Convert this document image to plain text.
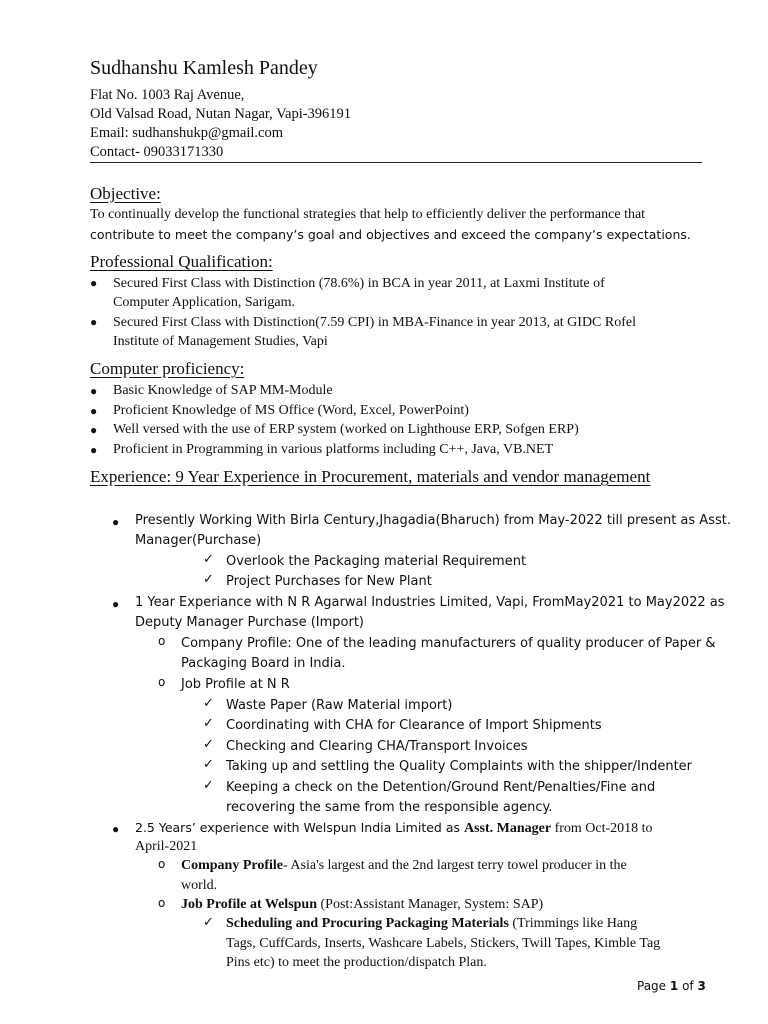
Sudhanshu Kamlesh Pandey
Flat No. 1003 Raj Avenue,
Old Valsad Road, Nutan Nagar, Vapi-396191
Email: sudhanshukp@gmail.com
Contact- 09033171330
Objective:
To continually develop the functional strategies that help to efficiently deliver the performance that
contribute to meet the company’s goal and objectives and exceed the company’s expectations.
Professional Qualification:
● Secured First Class with Distinction (78.6%) in BCA in year 2011, at Laxmi Institute of
Computer Application, Sarigam.
● Secured First Class with Distinction(7.59 CPI) in MBA-Finance in year 2013, at GIDC Rofel
Institute of Management Studies, Vapi
Computer proficiency:
● Basic Knowledge of SAP MM-Module
● Proficient Knowledge of MS Office (Word, Excel, PowerPoint)
● Well versed with the use of ERP system (worked on Lighthouse ERP, Sofgen ERP)
● Proficient in Programming in various platforms including C++, Java, VB.NET
Experience: 9 Year Experience in Procurement, materials and vendor management
● Presently Working With Birla Century,Jhagadia(Bharuch) from May-2022 till present as Asst.
Manager(Purchase)
✓ Overlook the Packaging material Requirement
✓ Project Purchases for New Plant
● 1 Year Experiance with N R Agarwal Industries Limited, Vapi, FromMay2021 to May2022 as
Deputy Manager Purchase (Import)
o Company Profile: One of the leading manufacturers of quality producer of Paper &
Packaging Board in India.
o Job Profile at N R
✓ Waste Paper (Raw Material import)
✓ Coordinating with CHA for Clearance of Import Shipments
✓ Checking and Clearing CHA/Transport Invoices
✓ Taking up and settling the Quality Complaints with the shipper/Indenter
✓ Keeping a check on the Detention/Ground Rent/Penalties/Fine and
recovering the same from the responsible agency.
● 2.5 Years’ experience with Welspun India Limited as Asst. Manager from Oct-2018 to
April-2021
o Company Profile- Asia's largest and the 2nd largest terry towel producer in the
world.
o Job Profile at Welspun (Post:Assistant Manager, System: SAP)
✓ Scheduling and Procuring Packaging Materials (Trimmings like Hang
Tags, CuffCards, Inserts, Washcare Labels, Stickers, Twill Tapes, Kimble Tag
Pins etc) to meet the production/dispatch Plan.
Page 1 of 3
